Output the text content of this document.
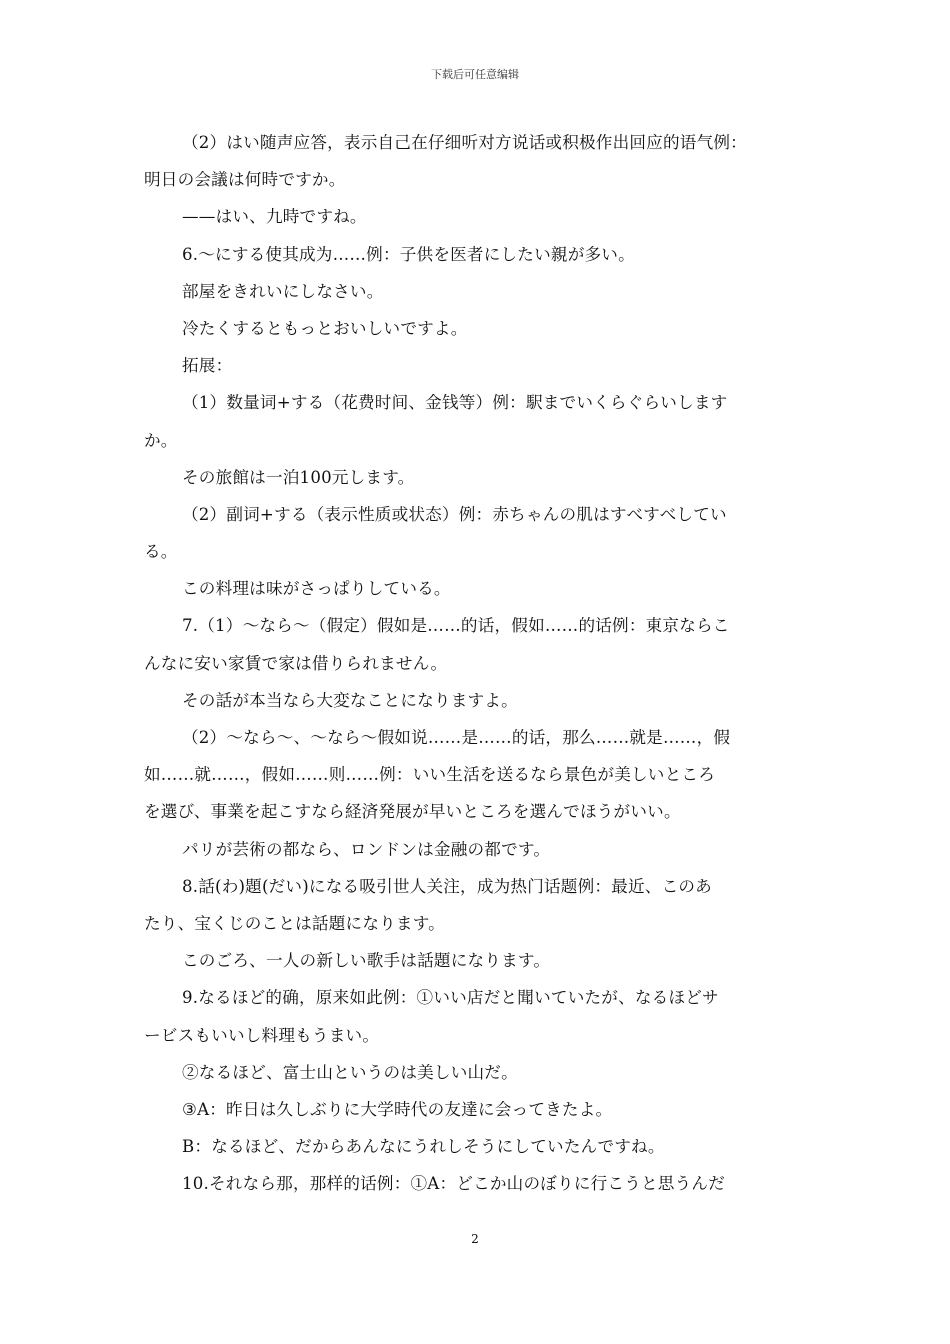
下载后可任意编辑
（2）はい随声应答，表示自己在仔细听对方说话或积极作出回应的语气例：
明日の会議は何時ですか。
——はい、九時ですね。
6.～にする使其成为……例：子供を医者にしたい親が多い。
部屋をきれいにしなさい。
冷たくするともっとおいしいですよ。
拓展：
（1）数量词+する（花费时间、金钱等）例：駅までいくらぐらいします
か。
その旅館は一泊100元します。
（2）副词+する（表示性质或状态）例：赤ちゃんの肌はすべすべしてい
る。
この料理は味がさっぱりしている。
7.（1）～なら～（假定）假如是……的话，假如……的话例：東京ならこ
んなに安い家賃で家は借りられません。
その話が本当なら大変なことになりますよ。
（2）～なら～、～なら～假如说……是……的话，那么……就是……，假
如……就……，假如……则……例：いい生活を送るなら景色が美しいところ
を選び、事業を起こすなら経済発展が早いところを選んでほうがいい。
パリが芸術の都なら、ロンドンは金融の都です。
8.話(わ)題(だい)になる吸引世人关注，成为热门话题例：最近、このあ
たり、宝くじのことは話題になります。
このごろ、一人の新しい歌手は話題になります。
9.なるほど的确，原来如此例：①いい店だと聞いていたが、なるほどサ
ービスもいいし料理もうまい。
②なるほど、富士山というのは美しい山だ。
③A：昨日は久しぶりに大学時代の友達に会ってきたよ。
B：なるほど、だからあんなにうれしそうにしていたんですね。
10.それなら那，那样的话例：①A：どこか山のぼりに行こうと思うんだ
2
